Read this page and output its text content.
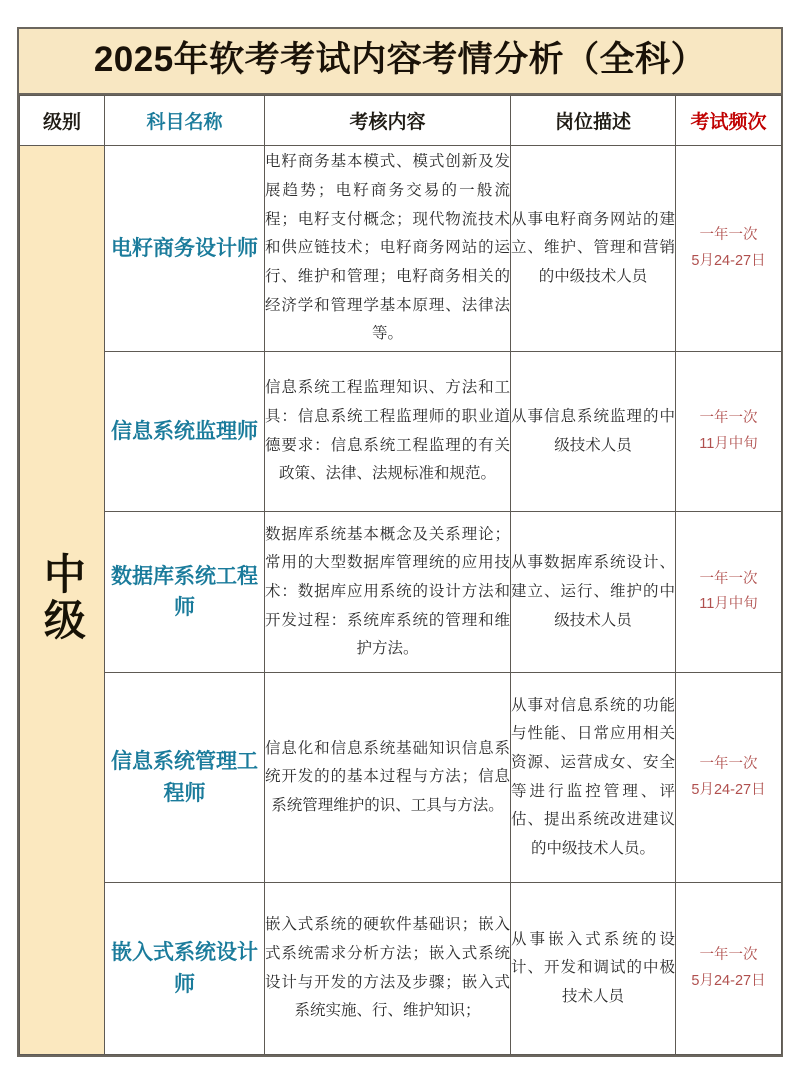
2025年软考考试内容考情分析（全科）
级别	科目名称	考核内容	岗位描述	考试频次
中级	电籽商务设计师	电籽商务基本模式、模式创新及发展趋势；电籽商务交易的一般流程；电籽支付概念；现代物流技术和供应链技术；电籽商务网站的运行、维护和管理；电籽商务相关的经济学和管理学基本原理、法律法等。	从事电籽商务网站的建立、维护、管理和营销的中级技术人员	一年一次
5月24-27日

	信息系统监理师	信息系统工程监理知识、方法和工具：信息系统工程监理师的职业道德要求：信息系统工程监理的有关政策、法律、法规标准和规范。	从事信息系统监理的中级技术人员	一年一次
11月中旬

	数据库系统工程师	数据库系统基本概念及关系理论；常用的大型数据库管理统的应用技术：数据库应用系统的设计方法和开发过程：系统库系统的管理和维护方法。	从事数据库系统设计、建立、运行、维护的中级技术人员	一年一次
11月中旬

	信息系统管理工程师	信息化和信息系统基础知识信息系统开发的的基本过程与方法；信息系统管理维护的识、工具与方法。	从事对信息系统的功能与性能、日常应用相关资源、运营成女、安全等进行监控管理、评估、提出系统改进建议的中级技术人员。	一年一次
5月24-27日

	嵌入式系统设计师	嵌入式系统的硬软件基础识；嵌入式系统需求分析方法；嵌入式系统设计与开发的方法及步骤；嵌入式系统实施、行、维护知识；	从事嵌入式系统的设计、开发和调试的中极技术人员	一年一次
5月24-27日
